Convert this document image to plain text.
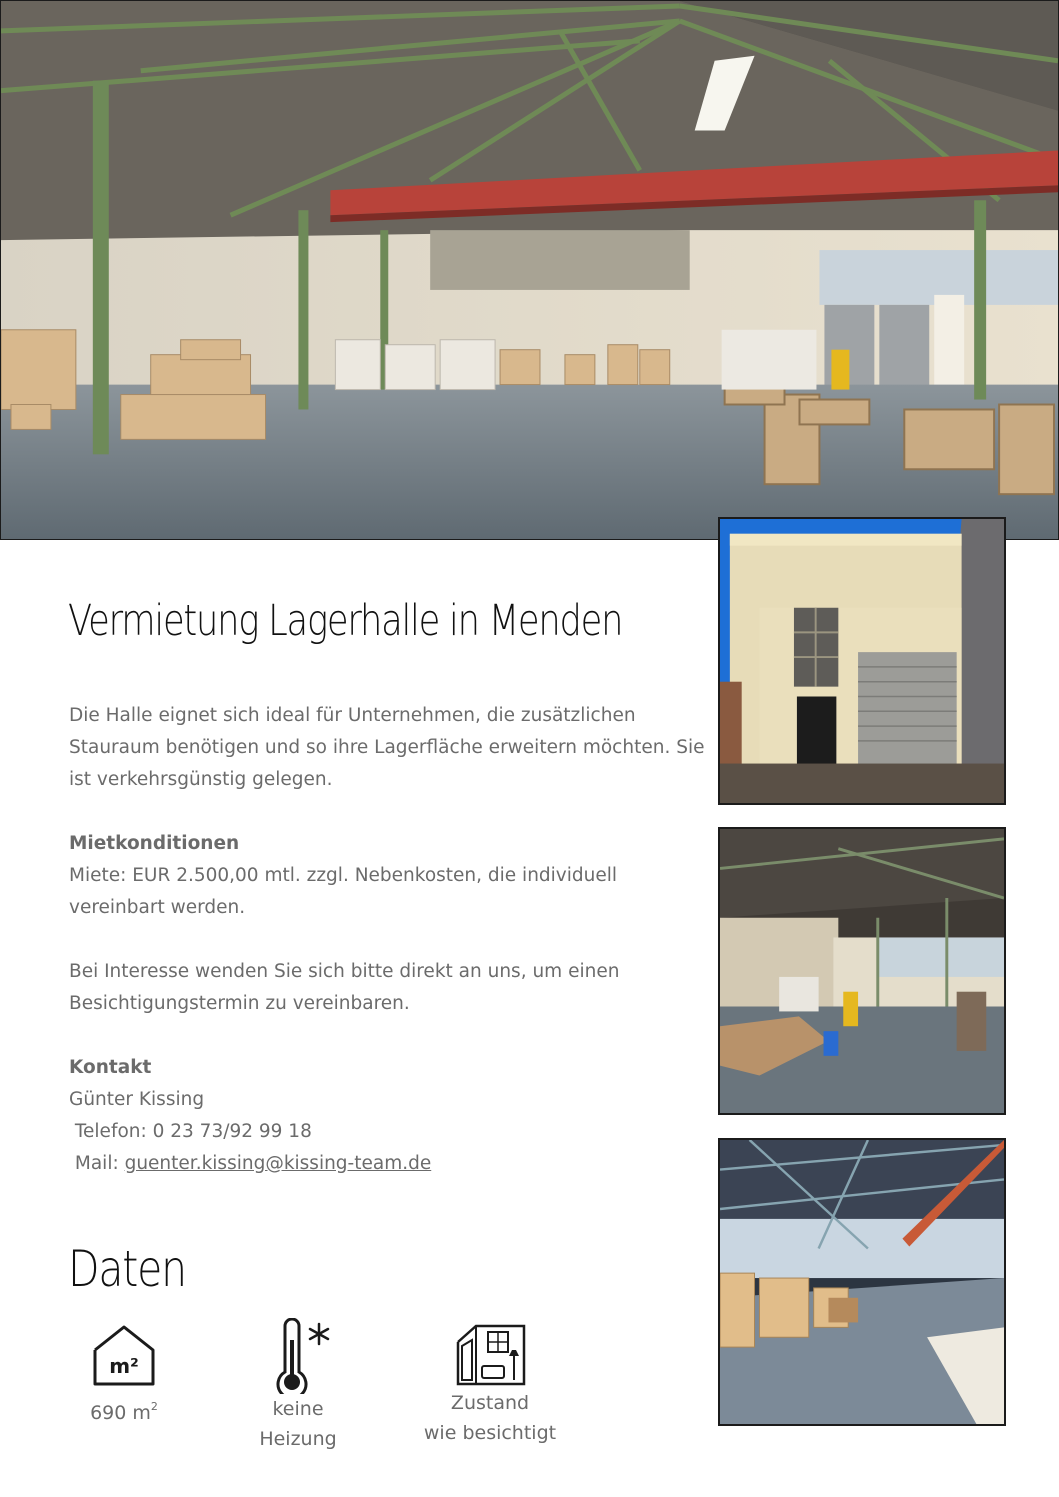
Vermietung Lagerhalle in Menden

Die Halle eignet sich ideal für Unternehmen, die zusätzlichen Stauraum benötigen und so ihre Lagerfläche erweitern möchten. Sie ist verkehrsgünstig gelegen.

Mietkonditionen

Miete: EUR 2.500,00 mtl. zzgl. Nebenkosten, die individuell vereinbart werden.

Bei Interesse wenden Sie sich bitte direkt an uns, um einen Besichtigungstermin zu vereinbaren.

Kontakt

Günter Kissing

Telefon: 0 23 73/92 99 18

Mail: guenter.kissing@kissing-team.de

Daten
m²
690 $m^2$	keine
Heizung
Zustand
wie besichtigt
